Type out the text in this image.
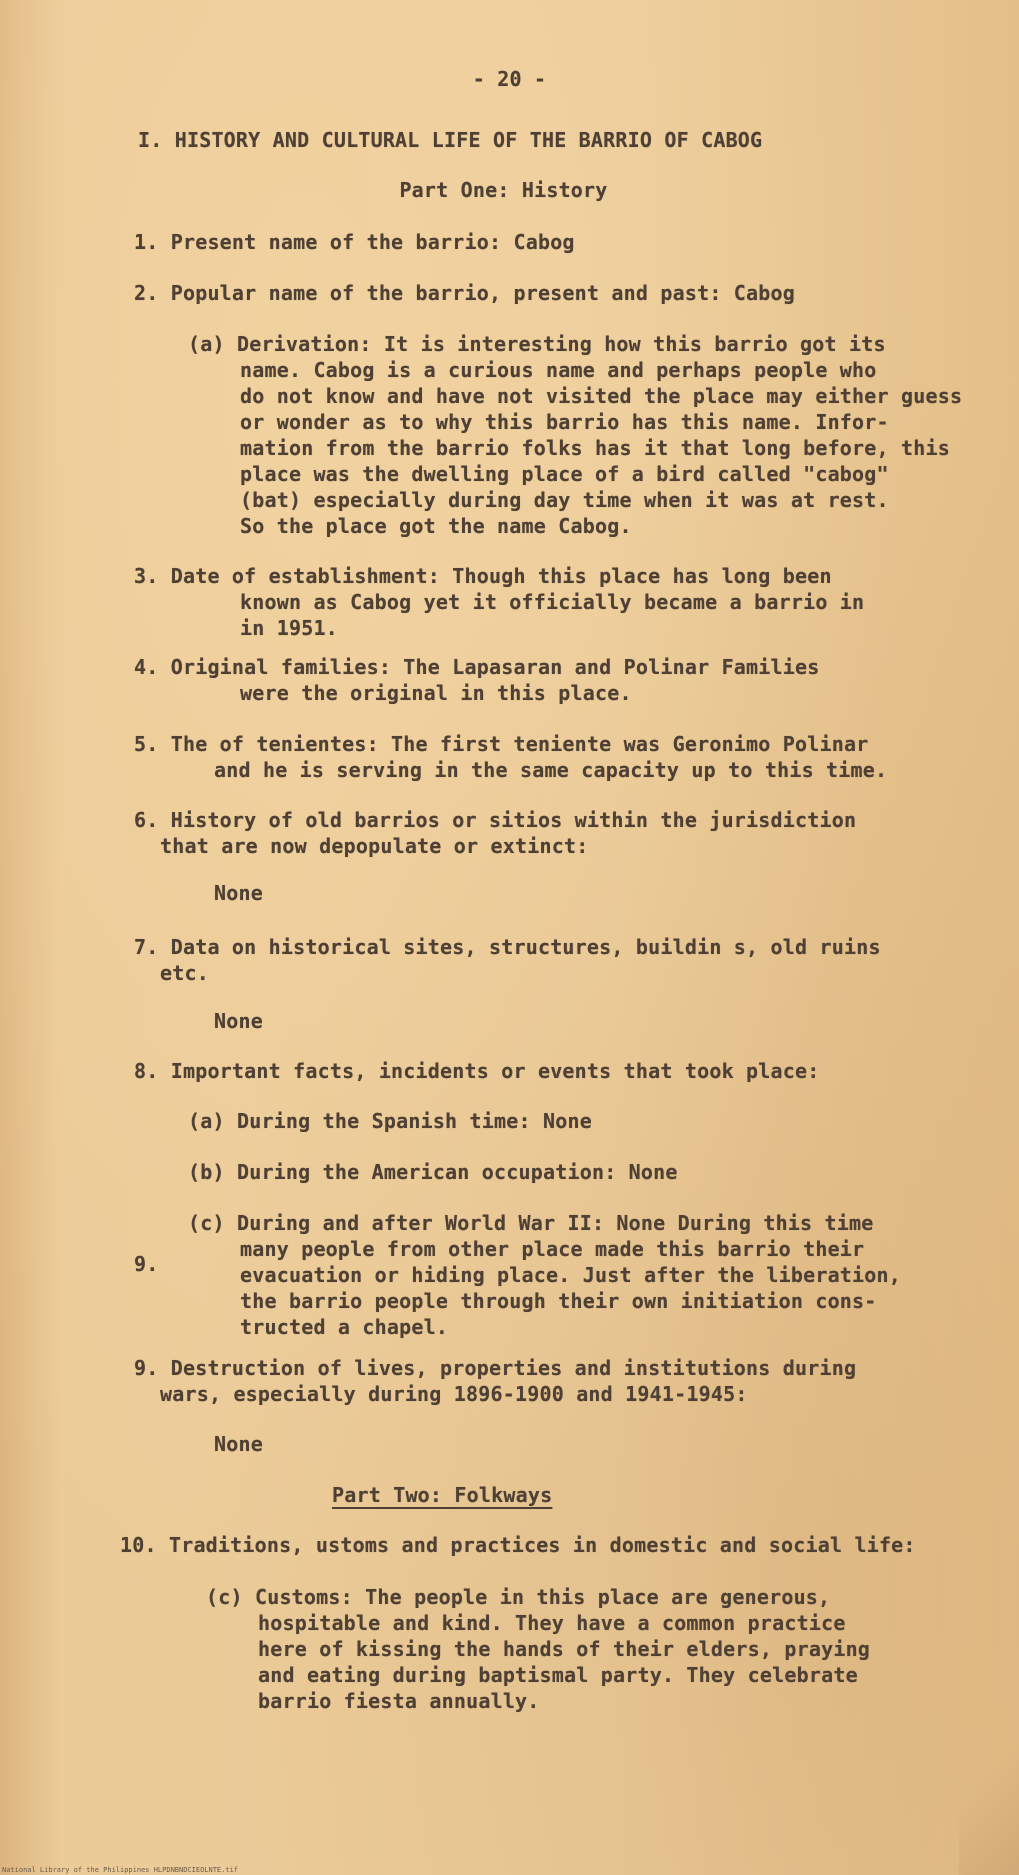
- 20 -
I. HISTORY AND CULTURAL LIFE OF THE BARRIO OF CABOG
Part One: History
1. Present name of the barrio: Cabog
2. Popular name of the barrio, present and past: Cabog
(a) Derivation: It is interesting how this barrio got its
name. Cabog is a curious name and perhaps people who
do not know and have not visited the place may either guess
or wonder as to why this barrio has this name. Infor-
mation from the barrio folks has it that long before, this
place was the dwelling place of a bird called "cabog"
(bat) especially during day time when it was at rest.
So the place got the name Cabog.
3. Date of establishment: Though this place has long been
known as Cabog yet it officially became a barrio in
in 1951.
4. Original families: The Lapasaran and Polinar Families
were the original in this place.
5. The of tenientes: The first teniente was Geronimo Polinar
and he is serving in the same capacity up to this time.
6. History of old barrios or sitios within the jurisdiction
that are now depopulate or extinct:
None
7. Data on historical sites, structures, buildin s, old ruins
etc.
None
8. Important facts, incidents or events that took place:
(a) During the Spanish time: None
(b) During the American occupation: None
(c) During and after World War II: None During this time
many people from other place made this barrio their
9.	evacuation or hiding place. Just after the liberation,
the barrio people through their own initiation cons-
tructed a chapel.
9. Destruction of lives, properties and institutions during
wars, especially during 1896-1900 and 1941-1945:
None
Part Two: Folkways
10. Traditions, ustoms and practices in domestic and social life:
(c) Customs: The people in this place are generous,
hospitable and kind. They have a common practice
here of kissing the hands of their elders, praying
and eating during baptismal party. They celebrate
barrio fiesta annually.
National Library of the Philippines HLPDNBNDCIEOLNTE.tif
